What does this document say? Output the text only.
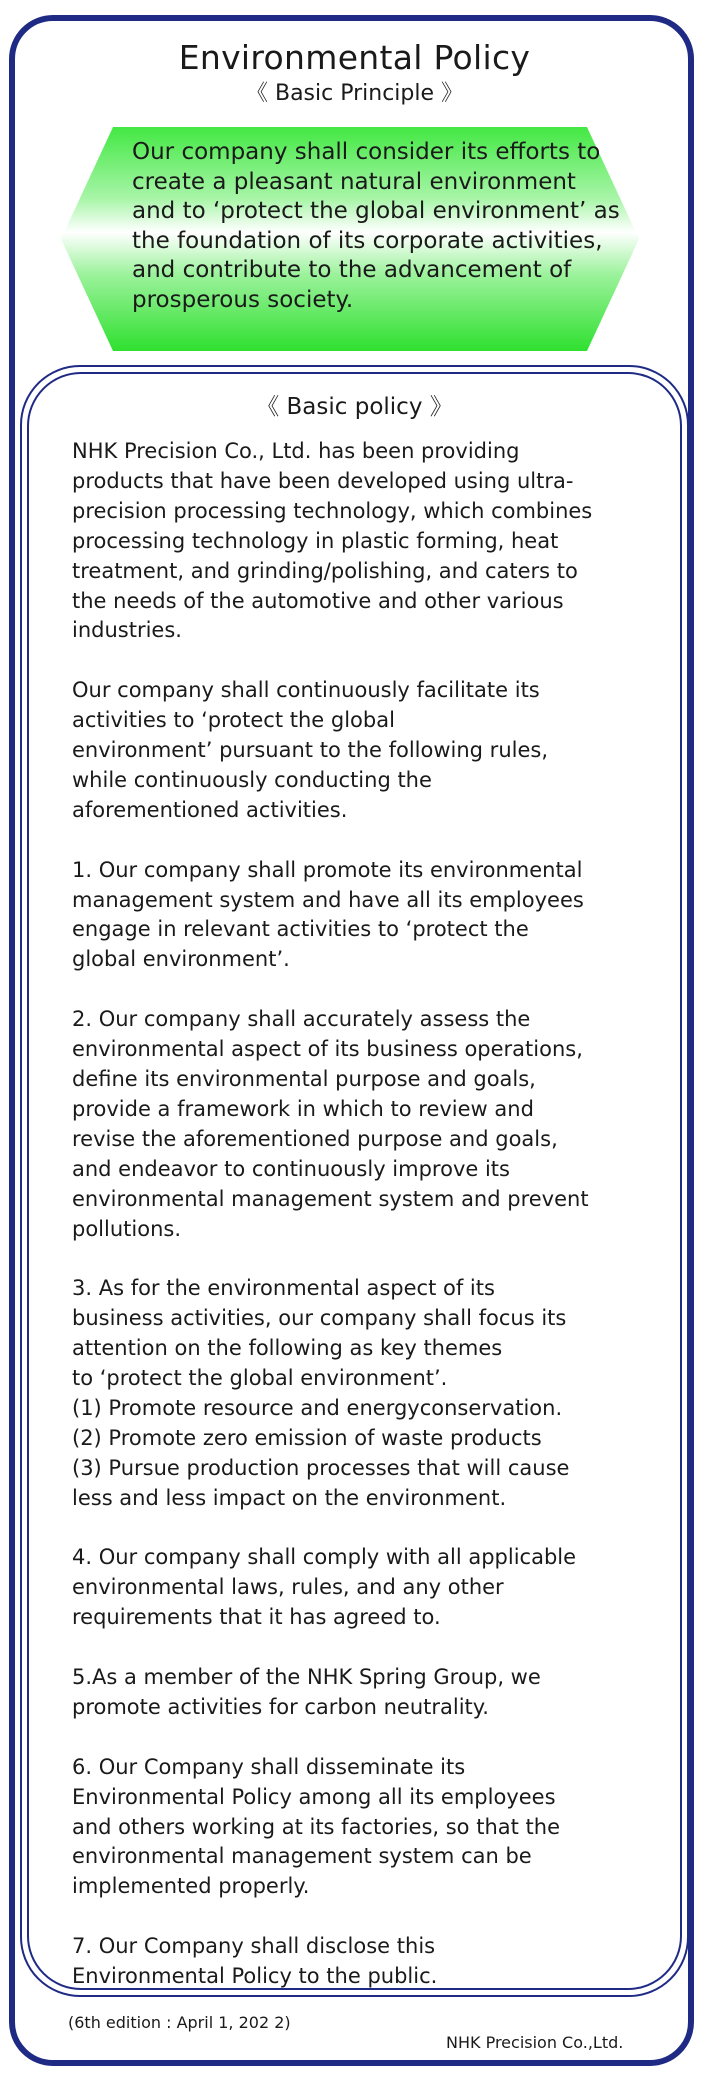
Environmental Policy
《 Basic Principle 》

Our company shall consider its efforts to create a pleasant natural environment and to ‘protect the global environment’ as the foundation of its corporate activities, and contribute to the advancement of prosperous society.

《 Basic policy 》

NHK Precision Co., Ltd. has been providing
products that have been developed using ultra-
precision processing technology, which combines
processing technology in plastic forming, heat
treatment, and grinding/polishing, and caters to
the needs of the automotive and other various
industries.

Our company shall continuously facilitate its
activities to ‘protect the global
environment’ pursuant to the following rules,
while continuously conducting the
aforementioned activities.

1. Our company shall promote its environmental
management system and have all its employees
engage in relevant activities to ‘protect the
global environment’.

2. Our company shall accurately assess the
environmental aspect of its business operations,
define its environmental purpose and goals,
provide a framework in which to review and
revise the aforementioned purpose and goals,
and endeavor to continuously improve its
environmental management system and prevent
pollutions.

3. As for the environmental aspect of its
business activities, our company shall focus its
attention on the following as key themes
to ‘protect the global environment’.
(1) Promote resource and energyconservation.
(2) Promote zero emission of waste products
(3) Pursue production processes that will cause
less and less impact on the environment.

4. Our company shall comply with all applicable
environmental laws, rules, and any other
requirements that it has agreed to.

5.As a member of the NHK Spring Group, we
promote activities for carbon neutrality.

6. Our Company shall disseminate its
Environmental Policy among all its employees
and others working at its factories, so that the
environmental management system can be
implemented properly.

7. Our Company shall disclose this
Environmental Policy to the public.

(6th edition : April 1, 202 2)
NHK Precision Co.,Ltd.
